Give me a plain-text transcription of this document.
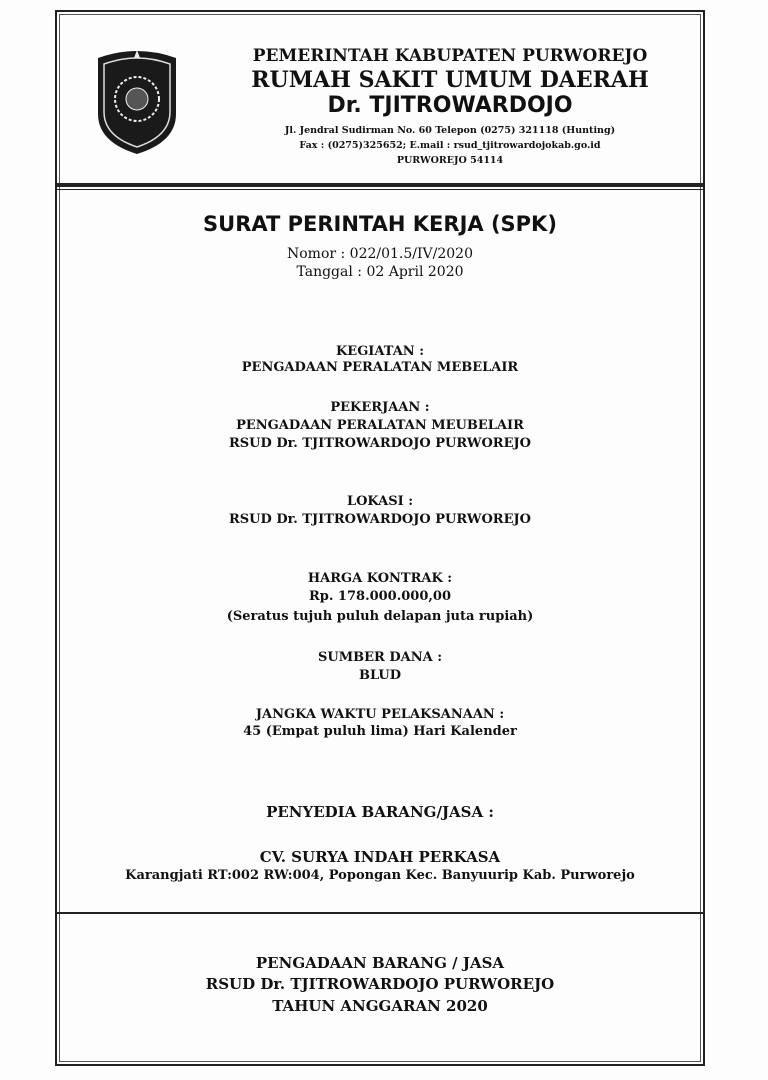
PEMERINTAH KABUPATEN PURWOREJO
RUMAH SAKIT UMUM DAERAH
Dr. TJITROWARDOJO
Jl. Jendral Sudirman No. 60 Telepon (0275) 321118 (Hunting)
Fax : (0275)325652; E.mail : rsud_tjitrowardojokab.go.id
PURWOREJO 54114
SURAT PERINTAH KERJA (SPK)
Nomor : 022/01.5/IV/2020
Tanggal : 02 April 2020
KEGIATAN :
PENGADAAN PERALATAN MEBELAIR
PEKERJAAN :
PENGADAAN PERALATAN MEUBELAIR
RSUD Dr. TJITROWARDOJO PURWOREJO
LOKASI :
RSUD Dr. TJITROWARDOJO PURWOREJO
HARGA KONTRAK :
Rp. 178.000.000,00
(Seratus tujuh puluh delapan juta rupiah)
SUMBER DANA :
BLUD
JANGKA WAKTU PELAKSANAAN :
45 (Empat puluh lima) Hari Kalender
PENYEDIA BARANG/JASA :
CV. SURYA INDAH PERKASA
Karangjati RT:002 RW:004, Popongan Kec. Banyuurip Kab. Purworejo
PENGADAAN BARANG / JASA
RSUD Dr. TJITROWARDOJO PURWOREJO
TAHUN ANGGARAN 2020
